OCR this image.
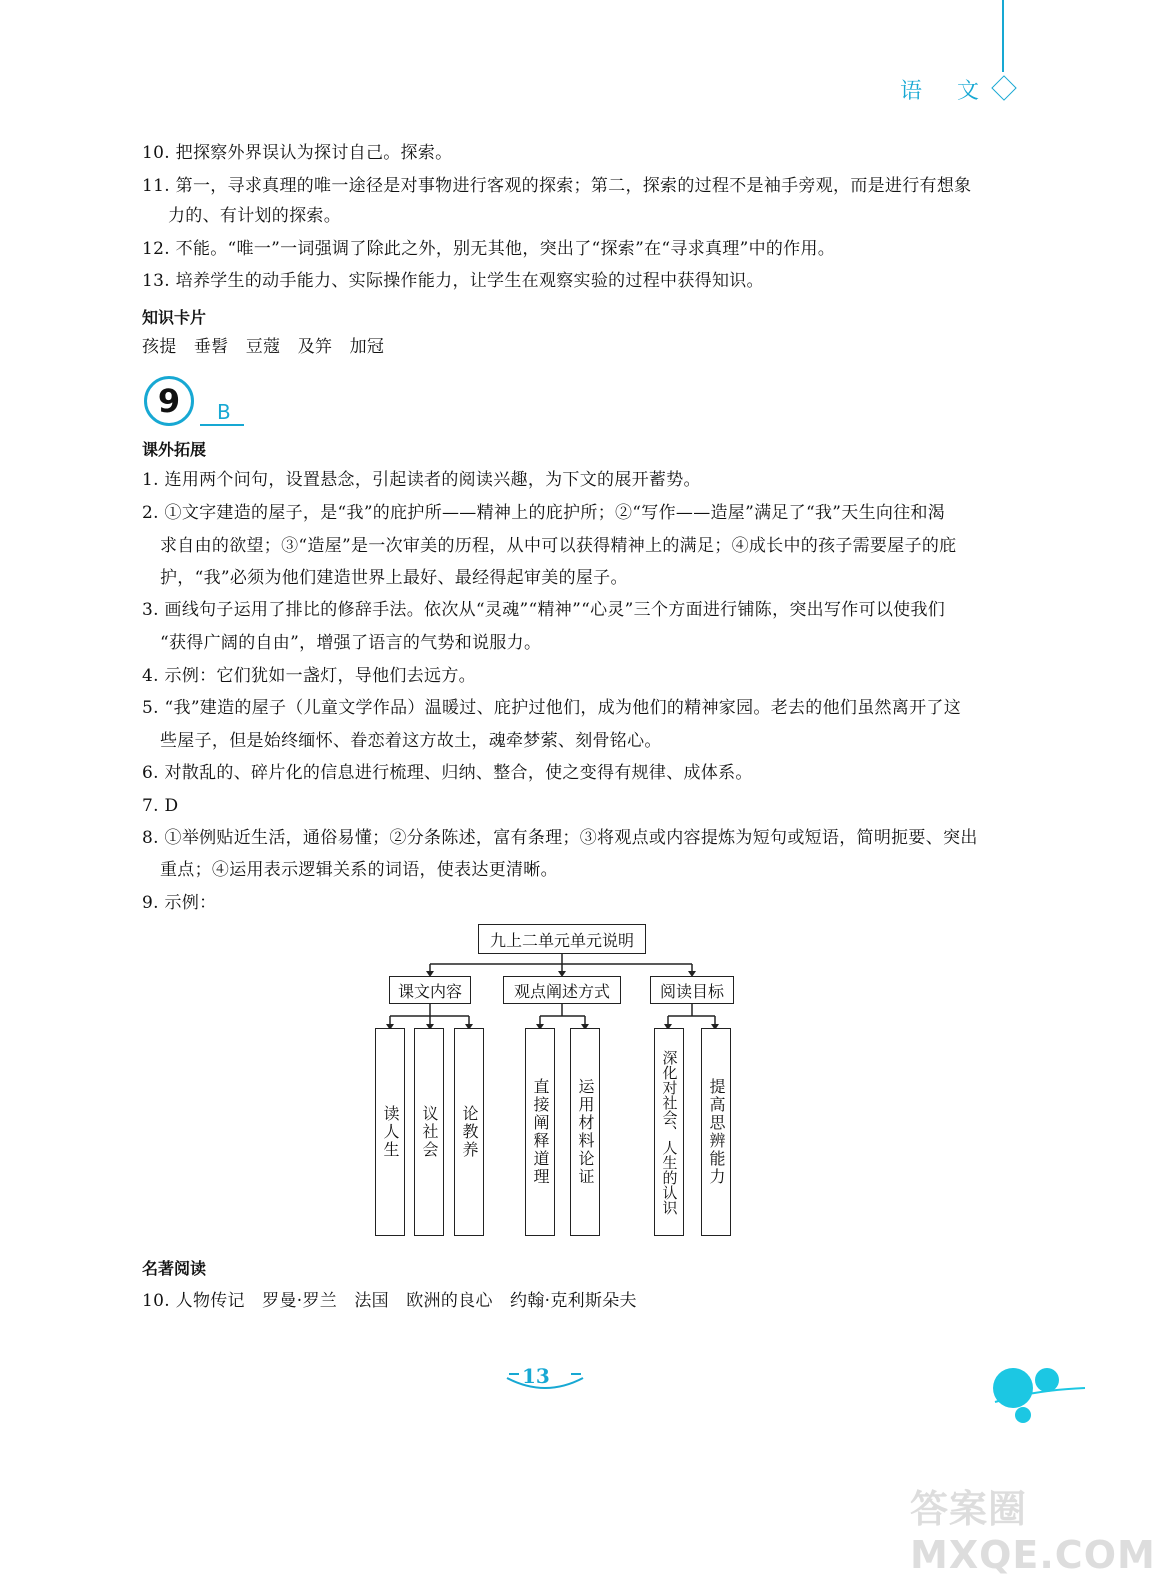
语 文
10. 把探察外界误认为探讨自己。探索。
11. 第一，寻求真理的唯一途径是对事物进行客观的探索；第二，探索的过程不是袖手旁观，而是进行有想象
力的、有计划的探索。
12. 不能。“唯一”一词强调了除此之外，别无其他，突出了“探索”在“寻求真理”中的作用。
13. 培养学生的动手能力、实际操作能力，让学生在观察实验的过程中获得知识。
知识卡片
孩提　垂髫　豆蔻　及笄　加冠
9	B
课外拓展
1. 连用两个问句，设置悬念，引起读者的阅读兴趣，为下文的展开蓄势。
2. ①文字建造的屋子，是“我”的庇护所——精神上的庇护所；②“写作——造屋”满足了“我”天生向往和渴
求自由的欲望；③“造屋”是一次审美的历程，从中可以获得精神上的满足；④成长中的孩子需要屋子的庇
护，“我”必须为他们建造世界上最好、最经得起审美的屋子。
3. 画线句子运用了排比的修辞手法。依次从“灵魂”“精神”“心灵”三个方面进行铺陈，突出写作可以使我们
“获得广阔的自由”，增强了语言的气势和说服力。
4. 示例：它们犹如一盏灯，导他们去远方。
5. “我”建造的屋子（儿童文学作品）温暖过、庇护过他们，成为他们的精神家园。老去的他们虽然离开了这
些屋子，但是始终缅怀、眷恋着这方故土，魂牵梦萦、刻骨铭心。
6. 对散乱的、碎片化的信息进行梳理、归纳、整合，使之变得有规律、成体系。
7. D
8. ①举例贴近生活，通俗易懂；②分条陈述，富有条理；③将观点或内容提炼为短句或短语，简明扼要、突出
重点；④运用表示逻辑关系的词语，使表达更清晰。
9. 示例：
九上二单元单元说明
课文内容	观点阐述方式	阅读目标
读人生 议社会 论教养	直接阐释道理 运用材料论证	深化对社会、人生的认识 提高思辨能力
名著阅读
10. 人物传记　罗曼·罗兰　法国　欧洲的良心　约翰·克利斯朵夫
13
答案圈 MXQE.COM
